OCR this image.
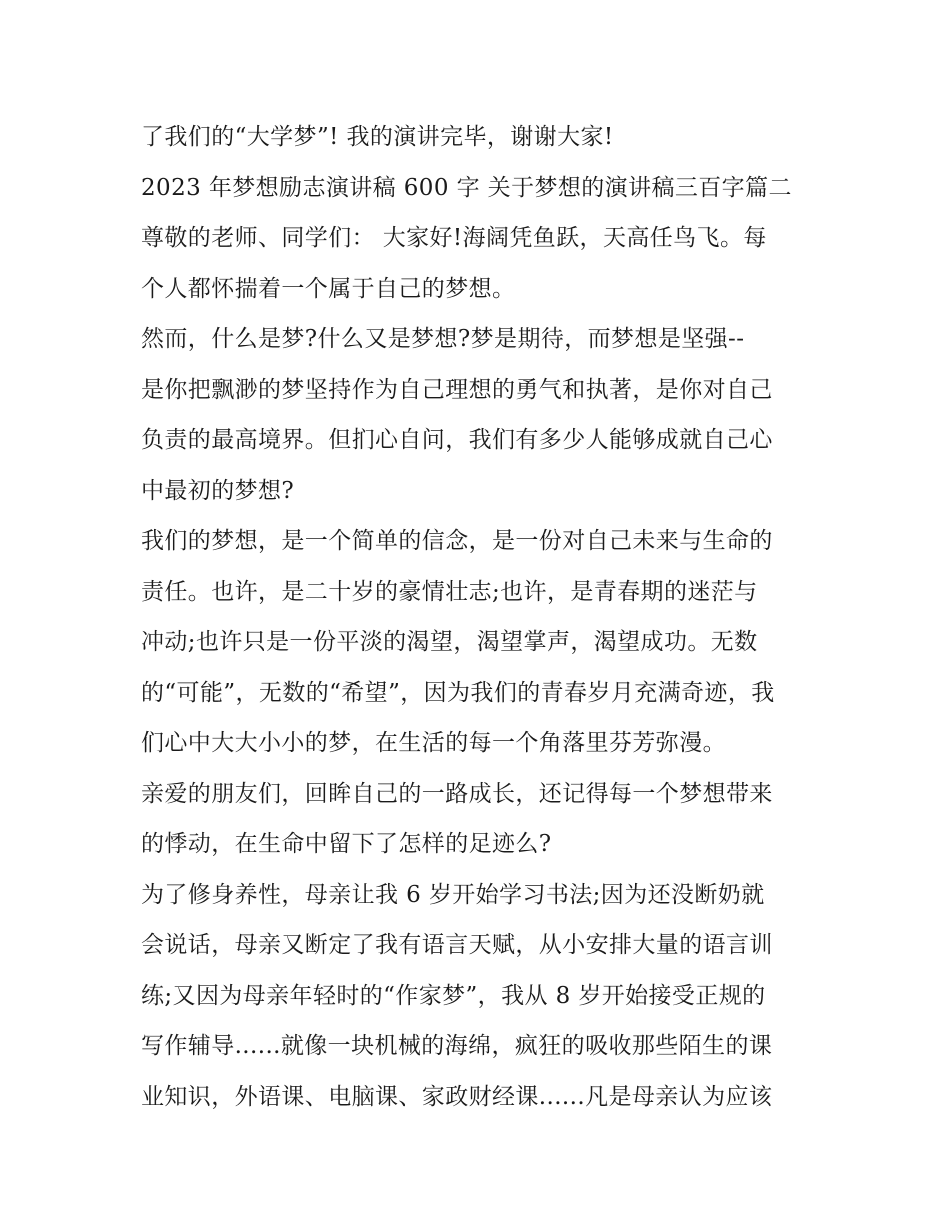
了我们的“大学梦”! 我的演讲完毕，谢谢大家!
2023 年梦想励志演讲稿 600 字 关于梦想的演讲稿三百字篇二
尊敬的老师、同学们： 大家好!海阔凭鱼跃，天高任鸟飞。每
个人都怀揣着一个属于自己的梦想。
然而，什么是梦?什么又是梦想?梦是期待，而梦想是坚强--
是你把飘渺的梦坚持作为自己理想的勇气和执著，是你对自己
负责的最高境界。但扪心自问，我们有多少人能够成就自己心
中最初的梦想?
我们的梦想，是一个简单的信念，是一份对自己未来与生命的
责任。也许，是二十岁的豪情壮志;也许，是青春期的迷茫与
冲动;也许只是一份平淡的渴望，渴望掌声，渴望成功。无数
的“可能”，无数的“希望”，因为我们的青春岁月充满奇迹，我
们心中大大小小的梦，在生活的每一个角落里芬芳弥漫。
亲爱的朋友们，回眸自己的一路成长，还记得每一个梦想带来
的悸动，在生命中留下了怎样的足迹么?
为了修身养性，母亲让我 6 岁开始学习书法;因为还没断奶就
会说话，母亲又断定了我有语言天赋，从小安排大量的语言训
练;又因为母亲年轻时的“作家梦”，我从 8 岁开始接受正规的
写作辅导......就像一块机械的海绵，疯狂的吸收那些陌生的课
业知识，外语课、电脑课、家政财经课......凡是母亲认为应该
